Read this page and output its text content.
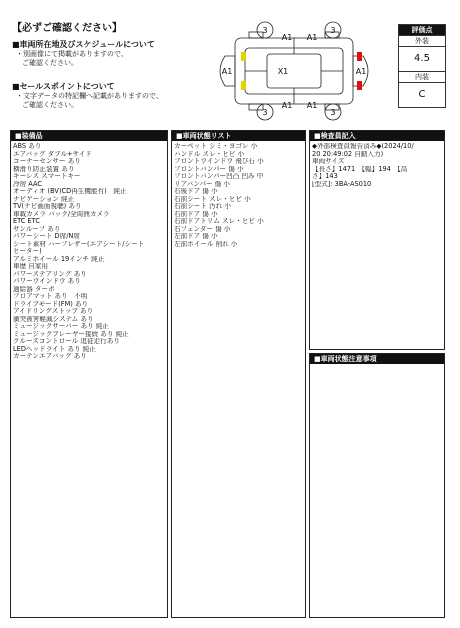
【必ずご確認ください】
■車両所在地及びスケジュールについて
・別画像にて掲載がありますので、
ご確認ください。
■セールスポイントについて
・文字データの特記欄へ記載がありますので、
ご確認ください。
3
A1 A1
3
A1	X1	A1
3
A1 A1
3
評価点
外装
4.5
内装
C
■装備品
ABS あり
エアバッグ ダブル+サイド
コーナーセンサー あり
横滑り防止装置 あり
キーレス スマートキー
冷房 AAC
オーディオ (BV)CD再生機能有)　純正
ナビゲーション 純正
TV(ナビ画面視聴) あり
車載カメラ バック/全周囲カメラ
ETC ETC
サンルーフ あり
パワーシート D席/N席
シート素材 ハーフレザー(エアシート/シート
ヒーター)
アルミホイール 19インチ 純正
車歴 自家用
パワーステアリング あり
パワーウインドウ あり
過給器 ターボ
フロアマット あり　不明
ドライブモード(FM) あり
アイドリングストップ あり
衝突被害軽減システム あり
ミュージックサーバー あり 純正
ミュージックプレーヤー接続 あり 純正
クルーズコントロール 追従走行あり
LEDヘッドライト あり 純正
カーテンエアバッグ あり
■車両状態リスト
カーペット シミ・ヨゴレ 小
ハンドル スレ・ヒビ 小
フロントウインドウ 飛び石 小
フロントバンパー 傷 小
フロントバンパー凹凸 凹み 中
リアバンパー 傷 小
右後ドア 傷 小
右前シート スレ・ヒビ 小
右前シート 汚れ 小
右前ドア 傷 小
右前ドアトリム スレ・ヒビ 小
右フェンダー 傷 小
左前ドア 傷 小
左前ホイール 削れ 小
■検査員記入
◆外部検査員報告済み◆(2024/10/
20 20:49:02 自動入力)
車両サイズ
【長さ】1471　【幅】194　【高
さ】143
[型式]: 3BA-AS010
■車両状態注意事項
